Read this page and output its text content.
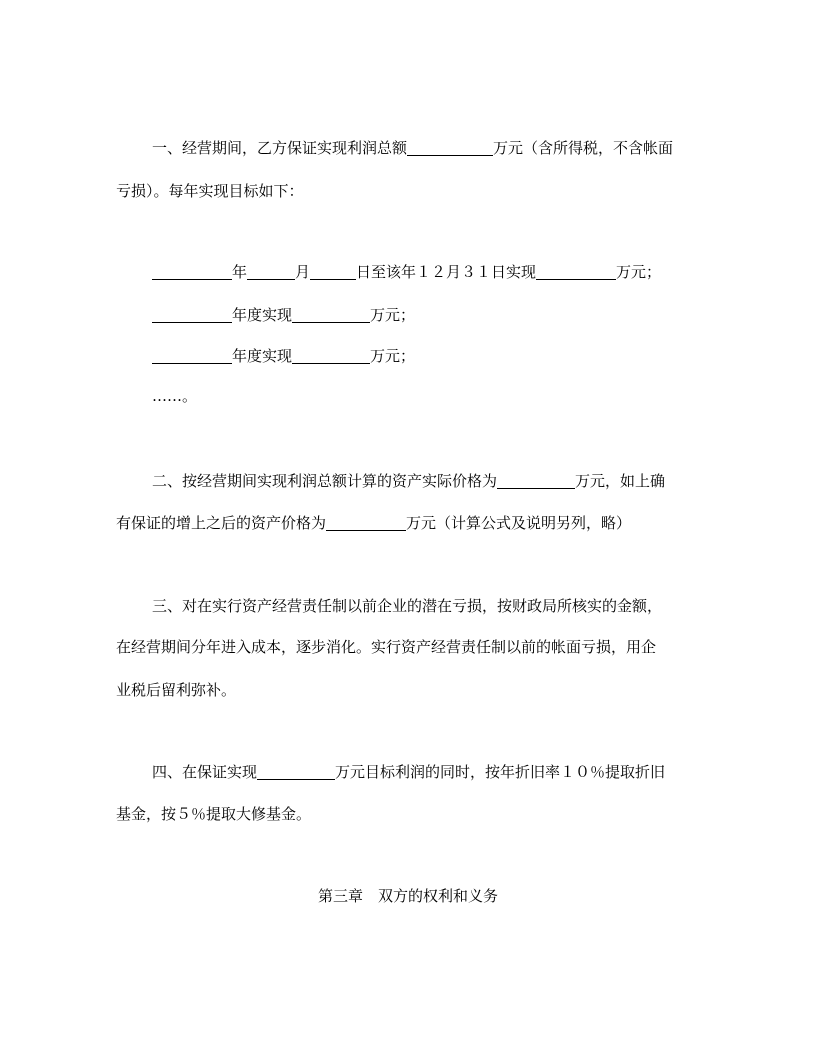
一、经营期间，乙方保证实现利润总额	万元（含所得税，不含帐面
亏损）。每年实现目标如下：
年	月	日至该年１２月３１日实现	万元；
年度实现	万元；
年度实现	万元；
……。
二、按经营期间实现利润总额计算的资产实际价格为	万元，如上确
有保证的增上之后的资产价格为	万元（计算公式及说明另列，略）
三、对在实行资产经营责任制以前企业的潜在亏损，按财政局所核实的金额，
在经营期间分年进入成本，逐步消化。实行资产经营责任制以前的帐面亏损，用企
业税后留利弥补。
四、在保证实现	万元目标利润的同时，按年折旧率１０％提取折旧
基金，按５％提取大修基金。
第三章　双方的权利和义务
